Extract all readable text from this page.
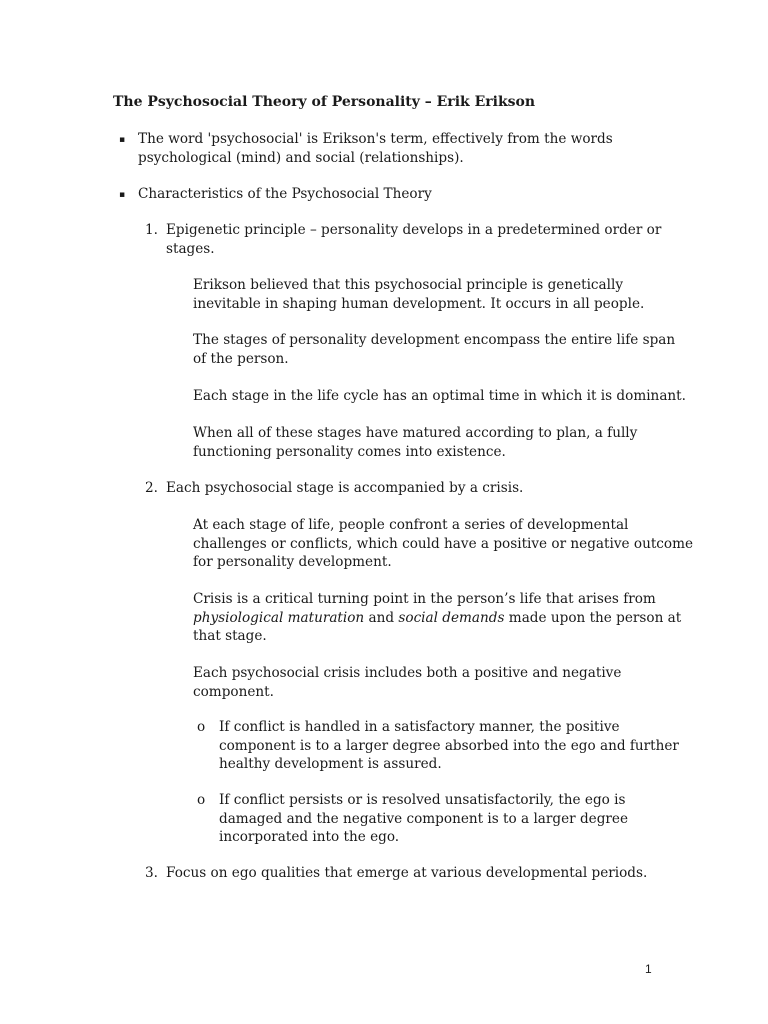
The Psychosocial Theory of Personality – Erik Erikson
▪ The word 'psychosocial' is Erikson's term, effectively from the words
psychological (mind) and social (relationships).
▪ Characteristics of the Psychosocial Theory
1. Epigenetic principle – personality develops in a predetermined order or
stages.
Erikson believed that this psychosocial principle is genetically
inevitable in shaping human development. It occurs in all people.
The stages of personality development encompass the entire life span
of the person.
Each stage in the life cycle has an optimal time in which it is dominant.
When all of these stages have matured according to plan, a fully
functioning personality comes into existence.
2. Each psychosocial stage is accompanied by a crisis.
At each stage of life, people confront a series of developmental
challenges or conflicts, which could have a positive or negative outcome
for personality development.
Crisis is a critical turning point in the person’s life that arises from
physiological maturation and social demands made upon the person at
that stage.
Each psychosocial crisis includes both a positive and negative
component.
o If conflict is handled in a satisfactory manner, the positive
component is to a larger degree absorbed into the ego and further
healthy development is assured.
o If conflict persists or is resolved unsatisfactorily, the ego is
damaged and the negative component is to a larger degree
incorporated into the ego.
3. Focus on ego qualities that emerge at various developmental periods.
1
